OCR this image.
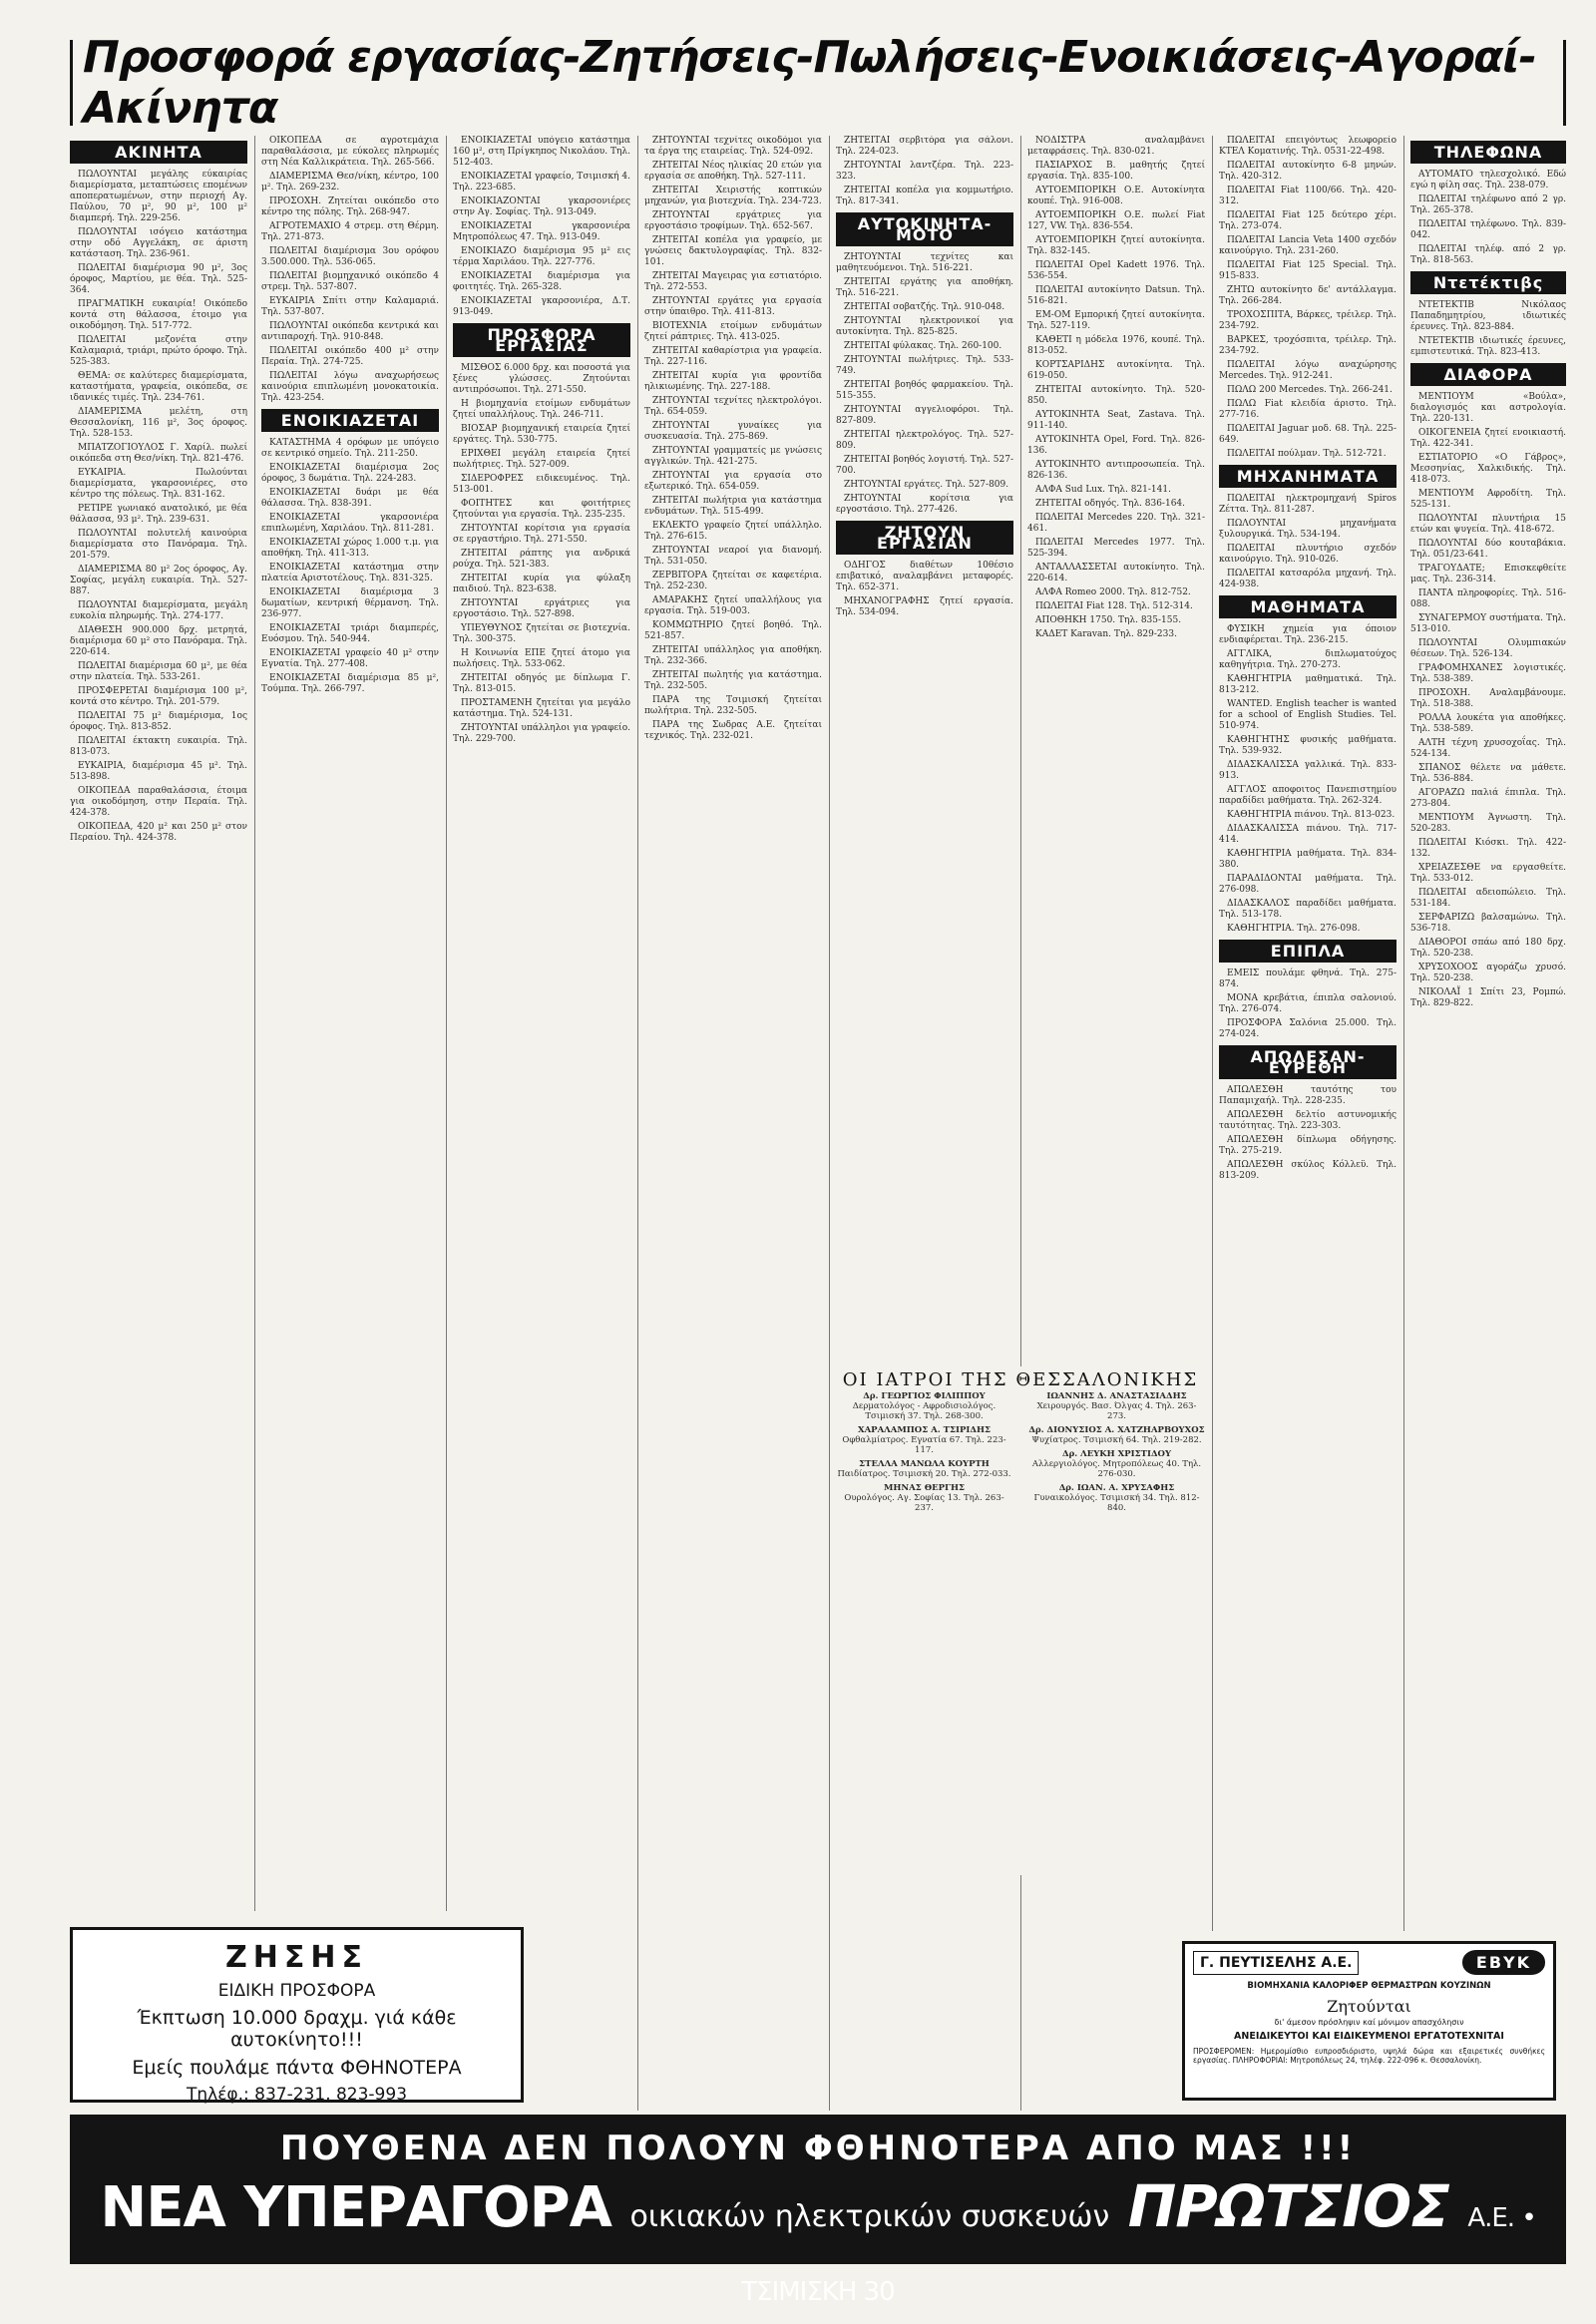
Προσφορά εργασίας-Ζητήσεις-Πωλήσεις-Ενοικιάσεις-Αγοραί-Ακίνητα
ΑΚΙΝΗΤΑ

ΠΩΛΟΥΝΤΑΙ μεγάλης εύκαιρίας διαμερίσματα, μεταπτώσεις επομένων αποπερατωμένων, στην περιοχή Αγ. Παύλου, 70 μ², 90 μ², 100 μ² διαμπερή. Τηλ. 229-256.

ΠΩΛΟΥΝΤΑΙ ισόγειο κατάστημα στην οδό Αγγελάκη, σε άριστη κατάσταση. Τηλ. 236-961.

ΠΩΛΕΙΤΑΙ διαμέρισμα 90 μ², 3ος όροφος, Μαρτίου, με θέα. Τηλ. 525-364.

ΠΡΑΓΜΑΤΙΚΗ ευκαιρία! Οικόπεδο κοντά στη θάλασσα, έτοιμο για οικοδόμηση. Τηλ. 517-772.

ΠΩΛΕΙΤΑΙ μεζονέτα στην Καλαμαριά, τριάρι, πρώτο όροφο. Τηλ. 525-383.

ΘΕΜΑ: σε καλύτερες διαμερίσματα, καταστήματα, γραφεία, οικόπεδα, σε ιδανικές τιμές. Τηλ. 234-761.

ΔΙΑΜΕΡΙΣΜΑ μελέτη, στη Θεσσαλονίκη, 116 μ², 3ος όροφος. Τηλ. 528-153.

ΜΠΑΤΖΟΓΙΟΥΛΟΣ Γ. Χαρίλ. πωλεί οικόπεδα στη Θεσ/νίκη. Τηλ. 821-476.

ΕΥΚΑΙΡΙΑ. Πωλούνται διαμερίσματα, γκαρσονιέρες, στο κέντρο της πόλεως. Τηλ. 831-162.

ΡΕΤΙΡΕ γωνιακό ανατολικό, με θέα θάλασσα, 93 μ². Τηλ. 239-631.

ΠΩΛΟΥΝΤΑΙ πολυτελή καινούρια διαμερίσματα στο Πανόραμα. Τηλ. 201-579.

ΔΙΑΜΕΡΙΣΜΑ 80 μ² 2ος όροφος, Αγ. Σοφίας, μεγάλη ευκαιρία. Τηλ. 527-887.

ΠΩΛΟΥΝΤΑΙ διαμερίσματα, μεγάλη ευκολία πληρωμής. Τηλ. 274-177.

ΔΙΑΘΕΣΗ 900.000 δρχ. μετρητά, διαμέρισμα 60 μ² στο Πανόραμα. Τηλ. 220-614.

ΠΩΛΕΙΤΑΙ διαμέρισμα 60 μ², με θέα στην πλατεία. Τηλ. 533-261.

ΠΡΟΣΦΕΡΕΤΑΙ διαμέρισμα 100 μ², κοντά στο κέντρο. Τηλ. 201-579.

ΠΩΛΕΙΤΑΙ 75 μ² διαμέρισμα, 1ος όροφος. Τηλ. 813-852.

ΠΩΛΕΙΤΑΙ έκτακτη ευκαιρία. Τηλ. 813-073.

ΕΥΚΑΙΡΙΑ, διαμέρισμα 45 μ². Τηλ. 513-898.

ΟΙΚΟΠΕΔΑ παραθαλάσσια, έτοιμα για οικοδόμηση, στην Περαία. Τηλ. 424-378.

ΟΙΚΟΠΕΔΑ, 420 μ² και 250 μ² στον Περαίου. Τηλ. 424-378.

ΟΙΚΟΠΕΔΑ σε αγροτεμάχια παραθαλάσσια, με εύκολες πληρωμές στη Νέα Καλλικράτεια. Τηλ. 265-566.

ΔΙΑΜΕΡΙΣΜΑ Θεσ/νίκη, κέντρο, 100 μ². Τηλ. 269-232.

ΠΡΟΣΟΧΗ. Ζητείται οικόπεδο στο κέντρο της πόλης. Τηλ. 268-947.

ΑΓΡΟΤΕΜΑΧΙΟ 4 στρεμ. στη Θέρμη. Τηλ. 271-873.

ΠΩΛΕΙΤΑΙ διαμέρισμα 3ου ορόφου 3.500.000. Τηλ. 536-065.

ΠΩΛΕΙΤΑΙ βιομηχανικό οικόπεδο 4 στρεμ. Τηλ. 537-807.

ΕΥΚΑΙΡΙΑ Σπίτι στην Καλαμαριά. Τηλ. 537-807.

ΠΩΛΟΥΝΤΑΙ οικόπεδα κεντρικά και αντιπαροχή. Τηλ. 910-848.

ΠΩΛΕΙΤΑΙ οικόπεδο 400 μ² στην Περαία. Τηλ. 274-725.

ΠΩΛΕΙΤΑΙ λόγω αναχωρήσεως καινούρια επιπλωμένη μονοκατοικία. Τηλ. 423-254.

ΕΝΟΙΚΙΑΖΕΤΑΙ

ΚΑΤΑΣΤΗΜΑ 4 ορόφων με υπόγειο σε κεντρικό σημείο. Τηλ. 211-250.

ΕΝΟΙΚΙΑΖΕΤΑΙ διαμέρισμα 2ος όροφος, 3 δωμάτια. Τηλ. 224-283.

ΕΝΟΙΚΙΑΖΕΤΑΙ δυάρι με θέα θάλασσα. Τηλ. 838-391.

ΕΝΟΙΚΙΑΖΕΤΑΙ γκαρσονιέρα επιπλωμένη, Χαριλάου. Τηλ. 811-281.

ΕΝΟΙΚΙΑΖΕΤΑΙ χώρος 1.000 τ.μ. για αποθήκη. Τηλ. 411-313.

ΕΝΟΙΚΙΑΖΕΤΑΙ κατάστημα στην πλατεία Αριστοτέλους. Τηλ. 831-325.

ΕΝΟΙΚΙΑΖΕΤΑΙ διαμέρισμα 3 δωματίων, κεντρική θέρμανση. Τηλ. 236-977.

ΕΝΟΙΚΙΑΖΕΤΑΙ τριάρι διαμπερές, Ευόσμου. Τηλ. 540-944.

ΕΝΟΙΚΙΑΖΕΤΑΙ γραφείο 40 μ² στην Εγνατία. Τηλ. 277-408.

ΕΝΟΙΚΙΑΖΕΤΑΙ διαμέρισμα 85 μ², Τούμπα. Τηλ. 266-797.

ΕΝΟΙΚΙΑΖΕΤΑΙ υπόγειο κατάστημα 160 μ², στη Πρίγκηπος Νικολάου. Τηλ. 512-403.

ΕΝΟΙΚΙΑΖΕΤΑΙ γραφείο, Τσιμισκή 4. Τηλ. 223-685.

ΕΝΟΙΚΙΑΖΟΝΤΑΙ γκαρσονιέρες στην Αγ. Σοφίας. Τηλ. 913-049.

ΕΝΟΙΚΙΑΖΕΤΑΙ γκαρσονιέρα Μητροπόλεως 47. Τηλ. 913-049.

ΕΝΟΙΚΙΑΖΟ διαμέρισμα 95 μ² εις τέρμα Χαριλάου. Τηλ. 227-776.

ΕΝΟΙΚΙΑΖΕΤΑΙ διαμέρισμα για φοιτητές. Τηλ. 265-328.

ΕΝΟΙΚΙΑΖΕΤΑΙ γκαρσονιέρα, Δ.Τ. 913-049.

ΠΡΟΣΦΟΡΑ ΕΡΓΑΣΙΑΣ

ΜΙΣΘΟΣ 6.000 δρχ. και ποσοστά για ξένες γλώσσες. Ζητούνται αντιπρόσωποι. Τηλ. 271-550.

Η βιομηχανία ετοίμων ενδυμάτων ζητεί υπαλλήλους. Τηλ. 246-711.

ΒΙΟΣΑΡ βιομηχανική εταιρεία ζητεί εργάτες. Τηλ. 530-775.

ΕΡΙΧΘΕΙ μεγάλη εταιρεία ζητεί πωλήτριες. Τηλ. 527-009.

ΣΙΔΕΡΟΦΡΕΣ ειδικευμένος. Τηλ. 513-001.

ΦΟΙΤΗΤΕΣ και φοιτήτριες ζητούνται για εργασία. Τηλ. 235-235.

ΖΗΤΟΥΝΤΑΙ κορίτσια για εργασία σε εργαστήριο. Τηλ. 271-550.

ΖΗΤΕΙΤΑΙ ράπτης για ανδρικά ρούχα. Τηλ. 521-383.

ΖΗΤΕΙΤΑΙ κυρία για φύλαξη παιδιού. Τηλ. 823-638.

ΖΗΤΟΥΝΤΑΙ εργάτριες για εργοστάσιο. Τηλ. 527-898.

ΥΠΕΥΘΥΝΟΣ ζητείται σε βιοτεχνία. Τηλ. 300-375.

Η Κοινωνία ΕΠΕ ζητεί άτομο για πωλήσεις. Τηλ. 533-062.

ΖΗΤΕΙΤΑΙ οδηγός με δίπλωμα Γ. Τηλ. 813-015.

ΠΡΟΣΤΑΜΕΝΗ ζητείται για μεγάλο κατάστημα. Τηλ. 524-131.

ΖΗΤΟΥΝΤΑΙ υπάλληλοι για γραφείο. Τηλ. 229-700.

ΖΗΤΟΥΝΤΑΙ τεχνίτες οικοδόμοι για τα έργα της εταιρείας. Τηλ. 524-092.

ΖΗΤΕΙΤΑΙ Νέος ηλικίας 20 ετών για εργασία σε αποθήκη. Τηλ. 527-111.

ΖΗΤΕΙΤΑΙ Χειριστής κοπτικών μηχανών, για βιοτεχνία. Τηλ. 234-723.

ΖΗΤΟΥΝΤΑΙ εργάτριες για εργοστάσιο τροφίμων. Τηλ. 652-567.

ΖΗΤΕΙΤΑΙ κοπέλα για γραφείο, με γνώσεις δακτυλογραφίας. Τηλ. 832-101.

ΖΗΤΕΙΤΑΙ Μαγειρας για εστιατόριο. Τηλ. 272-553.

ΖΗΤΟΥΝΤΑΙ εργάτες για εργασία στην ύπαιθρο. Τηλ. 411-813.

ΒΙΟΤΕΧΝΙΑ ετοίμων ενδυμάτων ζητεί ράπτριες. Τηλ. 413-025.

ΖΗΤΕΙΤΑΙ καθαρίστρια για γραφεία. Τηλ. 227-116.

ΖΗΤΕΙΤΑΙ κυρία για φροντίδα ηλικιωμένης. Τηλ. 227-188.

ΖΗΤΟΥΝΤΑΙ τεχνίτες ηλεκτρολόγοι. Τηλ. 654-059.

ΖΗΤΟΥΝΤΑΙ γυναίκες για συσκευασία. Τηλ. 275-869.

ΖΗΤΟΥΝΤΑΙ γραμματείς με γνώσεις αγγλικών. Τηλ. 421-275.

ΖΗΤΟΥΝΤΑΙ για εργασία στο εξωτερικό. Τηλ. 654-059.

ΖΗΤΕΙΤΑΙ πωλήτρια για κατάστημα ενδυμάτων. Τηλ. 515-499.

ΕΚΛΕΚΤΟ γραφείο ζητεί υπάλληλο. Τηλ. 276-615.

ΖΗΤΟΥΝΤΑΙ νεαροί για διανομή. Τηλ. 531-050.

ΖΕΡΒΙΤΟΡΑ ζητείται σε καφετέρια. Τηλ. 252-230.

ΑΜΑΡΑΚΗΣ ζητεί υπαλλήλους για εργασία. Τηλ. 519-003.

ΚΟΜΜΩΤΗΡΙΟ ζητεί βοηθό. Τηλ. 521-857.

ΖΗΤΕΙΤΑΙ υπάλληλος για αποθήκη. Τηλ. 232-366.

ΖΗΤΕΙΤΑΙ πωλητής για κατάστημα. Τηλ. 232-505.

ΠΑΡΑ της Τσιμισκή ζητείται πωλήτρια. Τηλ. 232-505.

ΠΑΡΑ της Σωδρας Α.Ε. ζητείται τεχνικός. Τηλ. 232-021.

ΖΗΤΕΙΤΑΙ σερβιτόρα για σάλονι. Τηλ. 224-023.

ΖΗΤΟΥΝΤΑΙ λαντζέρα. Τηλ. 223-323.

ΖΗΤΕΙΤΑΙ κοπέλα για κομμωτήριο. Τηλ. 817-341.

ΑΥΤΟΚΙΝΗΤΑ-ΜΟΤΟ

ΖΗΤΟΥΝΤΑΙ τεχνίτες και μαθητευόμενοι. Τηλ. 516-221.

ΖΗΤΕΙΤΑΙ εργάτης για αποθήκη. Τηλ. 516-221.

ΖΗΤΕΙΤΑΙ σοβατζής. Τηλ. 910-048.

ΖΗΤΟΥΝΤΑΙ ηλεκτρονικοί για αυτοκίνητα. Τηλ. 825-825.

ΖΗΤΕΙΤΑΙ φύλακας. Τηλ. 260-100.

ΖΗΤΟΥΝΤΑΙ πωλήτριες. Τηλ. 533-749.

ΖΗΤΕΙΤΑΙ βοηθός φαρμακείου. Τηλ. 515-355.

ΖΗΤΟΥΝΤΑΙ αγγελιοφόροι. Τηλ. 827-809.

ΖΗΤΕΙΤΑΙ ηλεκτρολόγος. Τηλ. 527-809.

ΖΗΤΕΙΤΑΙ βοηθός λογιστή. Τηλ. 527-700.

ΖΗΤΟΥΝΤΑΙ εργάτες. Τηλ. 527-809.

ΖΗΤΟΥΝΤΑΙ κορίτσια για εργοστάσιο. Τηλ. 277-426.

ΖΗΤΟΥΝ ΕΡΓΑΣΙΑΝ

ΟΔΗΓΟΣ διαθέτων 10θέσιο επιβατικό, αναλαμβάνει μεταφορές. Τηλ. 652-371.

ΜΗΧΑΝΟΓΡΑΦΗΣ ζητεί εργασία. Τηλ. 534-094.

ΝΟΔΙΣΤΡΑ αναλαμβάνει μεταφράσεις. Τηλ. 830-021.

ΠΑΣΙΑΡΧΟΣ Β. μαθητής ζητεί εργασία. Τηλ. 835-100.

ΑΥΤΟΕΜΠΟΡΙΚΗ Ο.Ε. Αυτοκίνητα κουπέ. Τηλ. 916-008.

ΑΥΤΟΕΜΠΟΡΙΚΗ Ο.Ε. πωλεί Fiat 127, VW. Τηλ. 836-554.

ΑΥΤΟΕΜΠΟΡΙΚΗ ζητεί αυτοκίνητα. Τηλ. 832-145.

ΠΩΛΕΙΤΑΙ Opel Kadett 1976. Τηλ. 536-554.

ΠΩΛΕΙΤΑΙ αυτοκίνητο Datsun. Τηλ. 516-821.

ΕΜ-ΟΜ Εμπορική ζητεί αυτοκίνητα. Τηλ. 527-119.

ΚΑΘΕΤΙ η μόδελα 1976, κουπέ. Τηλ. 813-052.

ΚΟΡΤΣΑΡΙΔΗΣ αυτοκίνητα. Τηλ. 619-050.

ΖΗΤΕΙΤΑΙ αυτοκίνητο. Τηλ. 520-850.

ΑΥΤΟΚΙΝΗΤΑ Seat, Zastava. Τηλ. 911-140.

ΑΥΤΟΚΙΝΗΤΑ Opel, Ford. Τηλ. 826-136.

ΑΥΤΟΚΙΝΗΤΟ αντιπροσωπεία. Τηλ. 826-136.

ΑΛΦΑ Sud Lux. Τηλ. 821-141.

ΖΗΤΕΙΤΑΙ οδηγός. Τηλ. 836-164.

ΠΩΛΕΙΤΑΙ Mercedes 220. Τηλ. 321-461.

ΠΩΛΕΙΤΑΙ Mercedes 1977. Τηλ. 525-394.

ΑΝΤΑΛΛΑΣΣΕΤΑΙ αυτοκίνητο. Τηλ. 220-614.

ΑΛΦΑ Romeo 2000. Τηλ. 812-752.

ΠΩΛΕΙΤΑΙ Fiat 128. Τηλ. 512-314.

ΑΠΟΘΗΚΗ 1750. Τηλ. 835-155.

ΚΑΔΕΤ Karavan. Τηλ. 829-233.

ΟΙ ΙΑΤΡΟΙ ΤΗΣ ΘΕΣΣΑΛΟΝΙΚΗΣ
Δρ. ΓΕΩΡΓΙΟΣ ΦΙΛΙΠΠΟΥ
Δερματολόγος - Αφροδισιολόγος. Τσιμισκή 37. Τηλ. 268-300.
ΧΑΡΑΛΑΜΠΟΣ Α. ΤΣΙΡΙΔΗΣ
Οφθαλμίατρος. Εγνατία 67. Τηλ. 223-117.
ΣΤΕΛΛΑ ΜΑΝΩΛΑ ΚΟΥΡΤΗ
Παιδίατρος. Τσιμισκή 20. Τηλ. 272-033.
ΜΗΝΑΣ ΘΕΡΓΗΣ
Ουρολόγος. Αγ. Σοφίας 13. Τηλ. 263-237.
ΙΩΑΝΝΗΣ Δ. ΑΝΑΣΤΑΣΙΑΔΗΣ
Χειρουργός. Βασ. Όλγας 4. Τηλ. 263-273.
Δρ. ΔΙΟΝΥΣΙΟΣ Α. ΧΑΤΖΗΑΡΒΟΥΧΟΣ
Ψυχίατρος. Τσιμισκή 64. Τηλ. 219-282.
Δρ. ΛΕΥΚΗ ΧΡΙΣΤΙΔΟΥ
Αλλεργιολόγος. Μητροπόλεως 40. Τηλ. 276-030.
Δρ. ΙΩΑΝ. Α. ΧΡΥΣΑΦΗΣ
Γυναικολόγος. Τσιμισκή 34. Τηλ. 812-840.

ΠΩΛΕΙΤΑΙ επειγόντως λεωφορείο ΚΤΕΛ Κοματινής. Τηλ. 0531-22-498.

ΠΩΛΕΙΤΑΙ αυτοκίνητο 6-8 μηνών. Τηλ. 420-312.

ΠΩΛΕΙΤΑΙ Fiat 1100/66. Τηλ. 420-312.

ΠΩΛΕΙΤΑΙ Fiat 125 δεύτερο χέρι. Τηλ. 273-074.

ΠΩΛΕΙΤΑΙ Lancia Veta 1400 σχεδόν καινούργιο. Τηλ. 231-260.

ΠΩΛΕΙΤΑΙ Fiat 125 Special. Τηλ. 915-833.

ΖΗΤΩ αυτοκίνητο δε' αντάλλαγμα. Τηλ. 266-284.

ΤΡΟΧΟΣΠΙΤΑ, Βάρκες, τρέιλερ. Τηλ. 234-792.

ΒΑΡΚΕΣ, τροχόσπιτα, τρέιλερ. Τηλ. 234-792.

ΠΩΛΕΙΤΑΙ λόγω αναχώρησης Mercedes. Τηλ. 912-241.

ΠΩΛΩ 200 Mercedes. Τηλ. 266-241.

ΠΩΛΩ Fiat κλειδία άριστο. Τηλ. 277-716.

ΠΩΛΕΙΤΑΙ Jaguar μοδ. 68. Τηλ. 225-649.

ΠΩΛΕΙΤΑΙ πούλμαν. Τηλ. 512-721.

ΜΗΧΑΝΗΜΑΤΑ

ΠΩΛΕΙΤΑΙ ηλεκτρομηχανή Spiros Ζέττα. Τηλ. 811-287.

ΠΩΛΟΥΝΤΑΙ μηχανήματα ξυλουργικά. Τηλ. 534-194.

ΠΩΛΕΙΤΑΙ πλυντήριο σχεδόν καινούργιο. Τηλ. 910-026.

ΠΩΛΕΙΤΑΙ κατσαρόλα μηχανή. Τηλ. 424-938.

ΜΑΘΗΜΑΤΑ

ΦΥΣΙΚΗ χημεία για όποιον ενδιαφέρεται. Τηλ. 236-215.

ΑΓΓΛΙΚΑ, διπλωματούχος καθηγήτρια. Τηλ. 270-273.

ΚΑΘΗΓΗΤΡΙΑ μαθηματικά. Τηλ. 813-212.

WANTED. English teacher is wanted for a school of English Studies. Tel. 510-974.

ΚΑΘΗΓΗΤΗΣ φυσικής μαθήματα. Τηλ. 539-932.

ΔΙΔΑΣΚΑΛΙΣΣΑ γαλλικά. Τηλ. 833-913.

ΑΓΓΛΟΣ αποφοιτος Πανεπιστημίου παραδίδει μαθήματα. Τηλ. 262-324.

ΚΑΘΗΓΗΤΡΙΑ πιάνου. Τηλ. 813-023.

ΔΙΔΑΣΚΑΛΙΣΣΑ πιάνου. Τηλ. 717-414.

ΚΑΘΗΓΗΤΡΙΑ μαθήματα. Τηλ. 834-380.

ΠΑΡΑΔΙΔΟΝΤΑΙ μαθήματα. Τηλ. 276-098.

ΔΙΔΑΣΚΑΛΟΣ παραδίδει μαθήματα. Τηλ. 513-178.

ΚΑΘΗΓΗΤΡΙΑ. Τηλ. 276-098.

ΕΠΙΠΛΑ

ΕΜΕΙΣ πουλάμε φθηνά. Τηλ. 275-874.

ΜΟΝΑ κρεβάτια, έπιπλα σαλονιού. Τηλ. 276-074.

ΠΡΟΣΦΟΡΑ Σαλόνια 25.000. Τηλ. 274-024.

ΑΠΩΛΕΣΑΝ-ΕΥΡΕΘΗ

ΑΠΩΛΕΣΘΗ ταυτότης του Παπαμιχαήλ. Τηλ. 228-235.

ΑΠΩΛΕΣΘΗ δελτίο αστυνομικής ταυτότητας. Τηλ. 223-303.

ΑΠΩΛΕΣΘΗ δίπλωμα οδήγησης. Τηλ. 275-219.

ΑΠΩΛΕΣΘΗ σκύλος Κόλλεϋ. Τηλ. 813-209.

ΤΗΛΕΦΩΝΑ

ΑΥΤΟΜΑΤΟ τηλεσχολικό. Εδώ εγώ η φίλη σας. Τηλ. 238-079.

ΠΩΛΕΙΤΑΙ τηλέφωνο από 2 γρ. Τηλ. 265-378.

ΠΩΛΕΙΤΑΙ τηλέφωνο. Τηλ. 839-042.

ΠΩΛΕΙΤΑΙ τηλέφ. από 2 γρ. Τηλ. 818-563.

Ντετέκτιβς

ΝΤΕΤΕΚΤΙΒ Νικόλαος Παπαδημητρίου, ιδιωτικές έρευνες. Τηλ. 823-884.

ΝΤΕΤΕΚΤΙΒ ιδιωτικές έρευνες, εμπιστευτικά. Τηλ. 823-413.

ΔΙΑΦΟΡΑ

ΜΕΝΤΙΟΥΜ «Βούλα», διαλογισμός και αστρολογία. Τηλ. 220-131.

ΟΙΚΟΓΕΝΕΙΑ ζητεί ενοικιαστή. Τηλ. 422-341.

ΕΣΤΙΑΤΟΡΙΟ «Ο Γάβρος», Μεσσηνίας, Χαλκιδικής. Τηλ. 418-073.

ΜΕΝΤΙΟΥΜ Αφροδίτη. Τηλ. 525-131.

ΠΩΛΟΥΝΤΑΙ πλυντήρια 15 ετών και ψυγεία. Τηλ. 418-672.

ΠΩΛΟΥΝΤΑΙ δύο κουταβάκια. Τηλ. 051/23-641.

ΤΡΑΓΟΥΔΑΤΕ; Επισκεφθείτε μας. Τηλ. 236-314.

ΠΑΝΤΑ πληροφορίες. Τηλ. 516-088.

ΣΥΝΑΓΕΡΜΟΥ συστήματα. Τηλ. 513-010.

ΠΩΛΟΥΝΤΑΙ Ολυμπιακών θέσεων. Τηλ. 526-134.

ΓΡΑΦΟΜΗΧΑΝΕΣ λογιστικές. Τηλ. 538-389.

ΠΡΟΣΟΧΗ. Αναλαμβάνουμε. Τηλ. 518-388.

ΡΟΛΛΑ λουκέτα για αποθήκες. Τηλ. 538-589.

ΑΛΤΗ τέχνη χρυσοχοΐας. Τηλ. 524-134.

ΣΠΑΝΟΣ θέλετε να μάθετε. Τηλ. 536-884.

ΑΓΟΡΑΖΩ παλιά έπιπλα. Τηλ. 273-804.

ΜΕΝΤΙΟΥΜ Άγνωστη. Τηλ. 520-283.

ΠΩΛΕΙΤΑΙ Κιόσκι. Τηλ. 422-132.

ΧΡΕΙΑΖΕΣΘΕ να εργασθείτε. Τηλ. 533-012.

ΠΩΛΕΙΤΑΙ αδειοπώλειο. Τηλ. 531-184.

ΣΕΡΦΑΡΙΖΩ βαλσαμώνω. Τηλ. 536-718.

ΔΙΑΘΟΡΟΙ σπάω από 180 δρχ. Τηλ. 520-238.

ΧΡΥΣΟΧΟΟΣ αγοράζω χρυσό. Τηλ. 520-238.

ΝΙΚΟΛΑΪ 1 Σπίτι 23, Ρομπώ. Τηλ. 829-822.

ΖΗΣΗΣ
ΕΙΔΙΚΗ ΠΡΟΣΦΟΡΑ
Έκπτωση 10.000 δραχμ. γιά κάθε αυτοκίνητο!!!
Εμείς πουλάμε πάντα ΦΘΗΝΟΤΕΡΑ
Τηλέφ.: 837-231, 823-993
Γ. ΠΕΥΤΙΣΕΛΗΣ Α.Ε.	ΕΒΥΚ
ΒΙΟΜΗΧΑΝΙΑ ΚΑΛΟΡΙΦΕΡ ΘΕΡΜΑΣΤΡΩΝ ΚΟΥΖΙΝΩΝ
Ζητούνται
δι' άμεσον πρόσληψιν καί μόνιμον απασχόλησιν
ΑΝΕΙΔΙΚΕΥΤΟΙ ΚΑΙ ΕΙΔΙΚΕΥΜΕΝΟΙ ΕΡΓΑΤΟΤΕΧΝΙΤΑΙ
ΠΡΟΣΦΕΡΟΜΕΝ: Ημερομίσθιο ευπροσδιόριστο, υψηλά δώρα και εξαιρετικές συνθήκες εργασίας. ΠΛΗΡΟΦΟΡΙΑΙ: Μητροπόλεως 24, τηλέφ. 222-096 κ. Θεσσαλονίκη.
ΠΟΥΘΕΝΑ ΔΕΝ ΠΟΛΟΥΝ ΦΘΗΝΟΤΕΡΑ ΑΠΟ ΜΑΣ !!!
ΝΕΑ ΥΠΕΡΑΓΟΡΑ οικιακών ηλεκτρικών συσκευών ΠΡΩΤΣΙΟΣ Α.Ε. • ΤΣΙΜΙΣΚΗ 30
